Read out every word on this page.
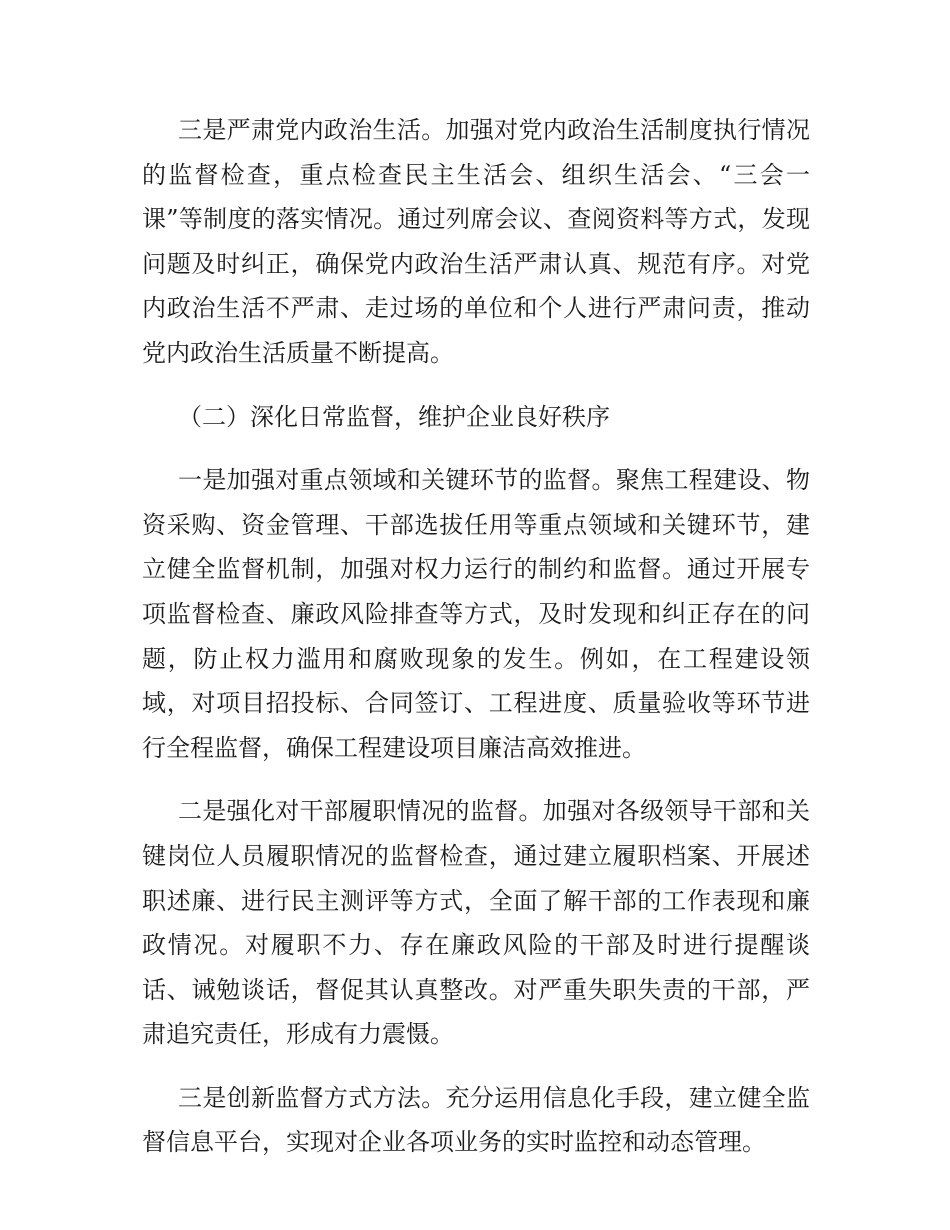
三是严肃党内政治生活。加强对党内政治生活制度执行情况的监督检查，重点检查民主生活会、组织生活会、“三会一课”等制度的落实情况。通过列席会议、查阅资料等方式，发现问题及时纠正，确保党内政治生活严肃认真、规范有序。对党内政治生活不严肃、走过场的单位和个人进行严肃问责，推动党内政治生活质量不断提高。

（二）深化日常监督，维护企业良好秩序

一是加强对重点领域和关键环节的监督。聚焦工程建设、物资采购、资金管理、干部选拔任用等重点领域和关键环节，建立健全监督机制，加强对权力运行的制约和监督。通过开展专项监督检查、廉政风险排查等方式，及时发现和纠正存在的问题，防止权力滥用和腐败现象的发生。例如，在工程建设领域，对项目招投标、合同签订、工程进度、质量验收等环节进行全程监督，确保工程建设项目廉洁高效推进。

二是强化对干部履职情况的监督。加强对各级领导干部和关键岗位人员履职情况的监督检查，通过建立履职档案、开展述职述廉、进行民主测评等方式，全面了解干部的工作表现和廉政情况。对履职不力、存在廉政风险的干部及时进行提醒谈话、诫勉谈话，督促其认真整改。对严重失职失责的干部，严肃追究责任，形成有力震慑。

三是创新监督方式方法。充分运用信息化手段，建立健全监督信息平台，实现对企业各项业务的实时监控和动态管理。
